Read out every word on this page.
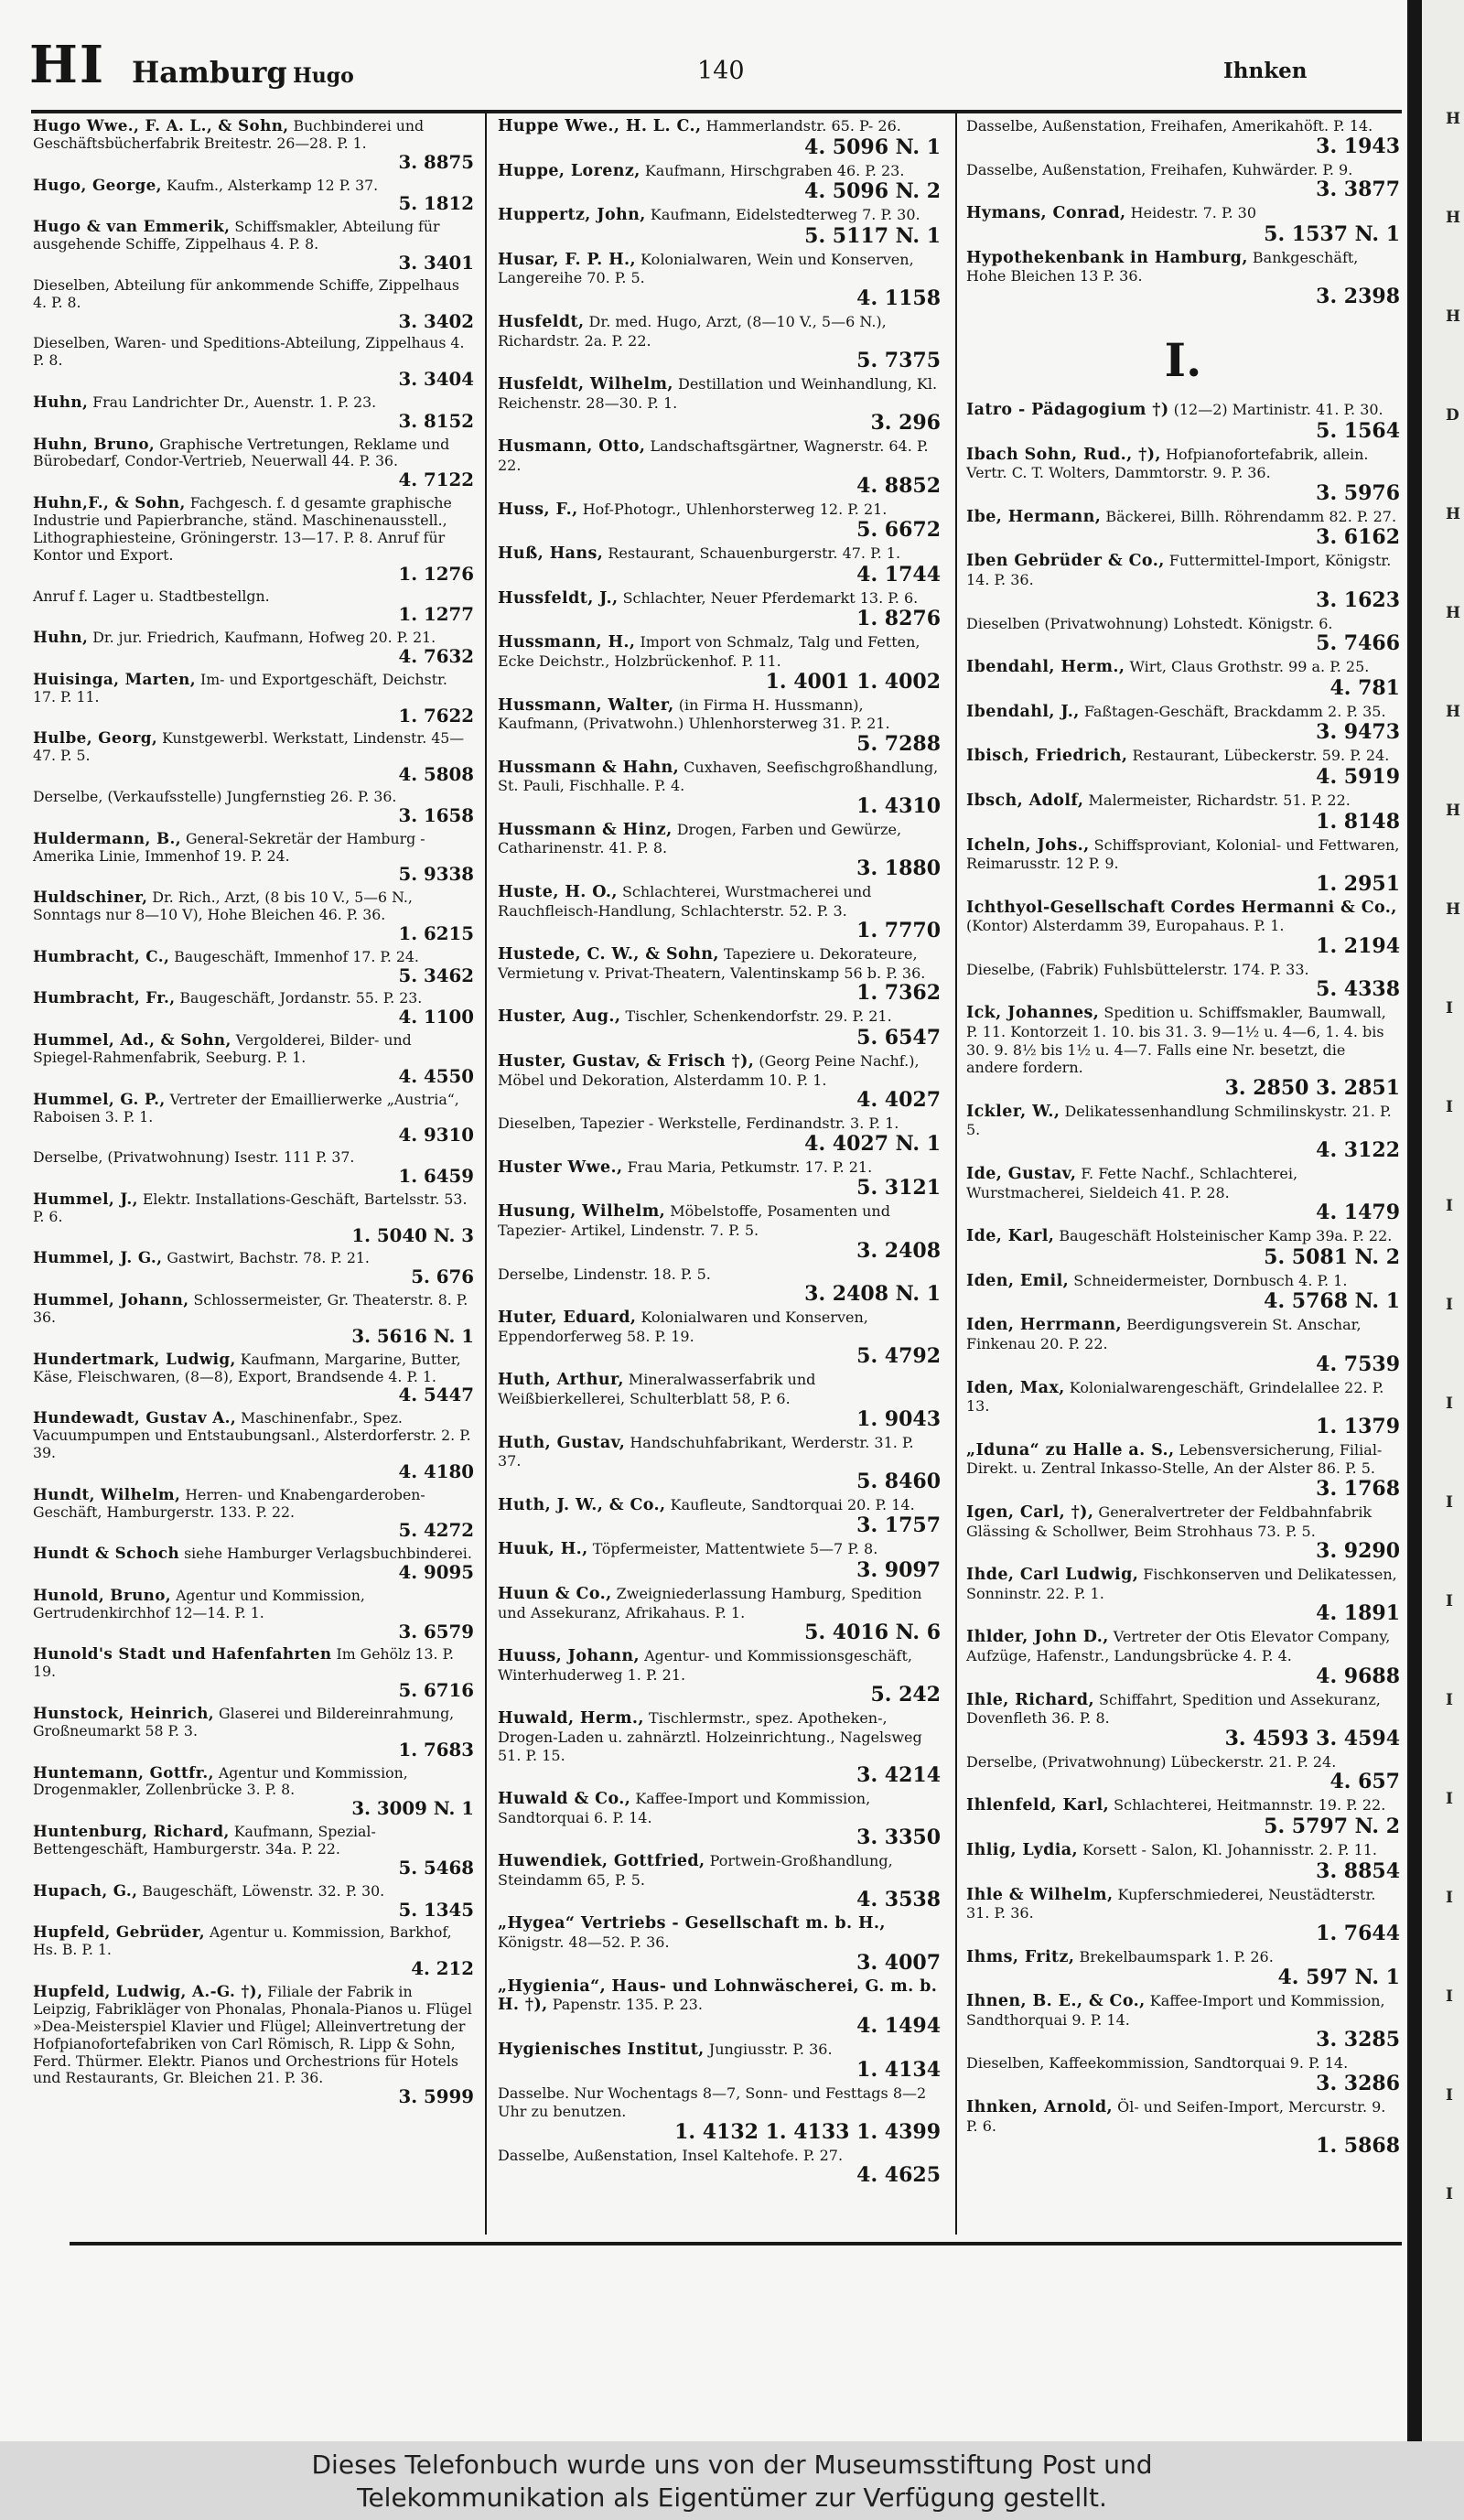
H
H
H
D
H
H
H
H
H
I
I
I
I
I
I
I
I
I
I
I
I
I
HI Hamburg Hugo	140	Ihnken
Hugo Wwe., F. A. L., & Sohn, Buchbinderei und Geschäftsbücherfabrik Breitestr. 26—28. P. 1.
3. 8875
Hugo, George, Kaufm., Alsterkamp 12 P. 37.
5. 1812
Hugo & van Emmerik, Schiffsmakler, Abteilung für ausgehende Schiffe, Zippelhaus 4. P. 8.
3. 3401
Dieselben, Abteilung für ankommende Schiffe, Zippelhaus 4. P. 8.
3. 3402
Dieselben, Waren- und Speditions-Abteilung, Zippelhaus 4. P. 8.
3. 3404
Huhn, Frau Landrichter Dr., Auenstr. 1. P. 23.
3. 8152
Huhn, Bruno, Graphische Vertretungen, Reklame und Bürobedarf, Condor-Vertrieb, Neuerwall 44. P. 36.
4. 7122
Huhn,F., & Sohn, Fachgesch. f. d gesamte graphische Industrie und Papierbranche, ständ. Maschinenausstell., Lithographiesteine, Gröningerstr. 13—17. P. 8. Anruf für Kontor und Export.
1. 1276
Anruf f. Lager u. Stadtbestellgn.
1. 1277
Huhn, Dr. jur. Friedrich, Kaufmann, Hofweg 20. P. 21.
4. 7632
Huisinga, Marten, Im- und Exportgeschäft, Deichstr. 17. P. 11.
1. 7622
Hulbe, Georg, Kunstgewerbl. Werkstatt, Lindenstr. 45—47. P. 5.
4. 5808
Derselbe, (Verkaufsstelle) Jungfernstieg 26. P. 36.
3. 1658
Huldermann, B., General-Sekretär der Hamburg - Amerika Linie, Immenhof 19. P. 24.
5. 9338
Huldschiner, Dr. Rich., Arzt, (8 bis 10 V., 5—6 N., Sonntags nur 8—10 V), Hohe Bleichen 46. P. 36.
1. 6215
Humbracht, C., Baugeschäft, Immenhof 17. P. 24.
5. 3462
Humbracht, Fr., Baugeschäft, Jordanstr. 55. P. 23.
4. 1100
Hummel, Ad., & Sohn, Vergolderei, Bilder- und Spiegel-Rahmenfabrik, Seeburg. P. 1.
4. 4550
Hummel, G. P., Vertreter der Emaillierwerke „Austria“, Raboisen 3. P. 1.
4. 9310
Derselbe, (Privatwohnung) Isestr. 111 P. 37.
1. 6459
Hummel, J., Elektr. Installations-Geschäft, Bartelsstr. 53. P. 6.
1. 5040 N. 3
Hummel, J. G., Gastwirt, Bachstr. 78. P. 21.
5. 676
Hummel, Johann, Schlossermeister, Gr. Theaterstr. 8. P. 36.
3. 5616 N. 1
Hundertmark, Ludwig, Kaufmann, Margarine, Butter, Käse, Fleischwaren, (8—8), Export, Brandsende 4. P. 1.
4. 5447
Hundewadt, Gustav A., Maschinenfabr., Spez. Vacuumpumpen und Entstaubungsanl., Alsterdorferstr. 2. P. 39.
4. 4180
Hundt, Wilhelm, Herren- und Knabengarderoben-Geschäft, Hamburgerstr. 133. P. 22.
5. 4272
Hundt & Schoch siehe Hamburger Verlagsbuchbinderei.
4. 9095
Hunold, Bruno, Agentur und Kommission, Gertrudenkirchhof 12—14. P. 1.
3. 6579
Hunold's Stadt und Hafenfahrten Im Gehölz 13. P. 19.
5. 6716
Hunstock, Heinrich, Glaserei und Bildereinrahmung, Großneumarkt 58 P. 3.
1. 7683
Huntemann, Gottfr., Agentur und Kommission, Drogenmakler, Zollenbrücke 3. P. 8.
3. 3009 N. 1
Huntenburg, Richard, Kaufmann, Spezial-Bettengeschäft, Hamburgerstr. 34a. P. 22.
5. 5468
Hupach, G., Baugeschäft, Löwenstr. 32. P. 30.
5. 1345
Hupfeld, Gebrüder, Agentur u. Kommission, Barkhof, Hs. B. P. 1.
4. 212
Hupfeld, Ludwig, A.-G. †), Filiale der Fabrik in Leipzig, Fabrikläger von Phonalas, Phonala-Pianos u. Flügel »Dea-Meisterspiel Klavier und Flügel; Alleinvertretung der Hofpianofortefabriken von Carl Römisch, R. Lipp & Sohn, Ferd. Thürmer. Elektr. Pianos und Orchestrions für Hotels und Restaurants, Gr. Bleichen 21. P. 36.
3. 5999
Huppe Wwe., H. L. C., Hammerlandstr. 65. P- 26.
4. 5096 N. 1
Huppe, Lorenz, Kaufmann, Hirschgraben 46. P. 23.
4. 5096 N. 2
Huppertz, John, Kaufmann, Eidelstedterweg 7. P. 30.
5. 5117 N. 1
Husar, F. P. H., Kolonialwaren, Wein und Konserven, Langereihe 70. P. 5.
4. 1158
Husfeldt, Dr. med. Hugo, Arzt, (8—10 V., 5—6 N.), Richardstr. 2a. P. 22.
5. 7375
Husfeldt, Wilhelm, Destillation und Weinhandlung, Kl. Reichenstr. 28—30. P. 1.
3. 296
Husmann, Otto, Landschaftsgärtner, Wagnerstr. 64. P. 22.
4. 8852
Huss, F., Hof-Photogr., Uhlenhorsterweg 12. P. 21.
5. 6672
Huß, Hans, Restaurant, Schauenburgerstr. 47. P. 1.
4. 1744
Hussfeldt, J., Schlachter, Neuer Pferdemarkt 13. P. 6.
1. 8276
Hussmann, H., Import von Schmalz, Talg und Fetten, Ecke Deichstr., Holzbrückenhof. P. 11.
1. 4001 1. 4002
Hussmann, Walter, (in Firma H. Hussmann), Kaufmann, (Privatwohn.) Uhlenhorsterweg 31. P. 21.
5. 7288
Hussmann & Hahn, Cuxhaven, Seefischgroßhandlung, St. Pauli, Fischhalle. P. 4.
1. 4310
Hussmann & Hinz, Drogen, Farben und Gewürze, Catharinenstr. 41. P. 8.
3. 1880
Huste, H. O., Schlachterei, Wurstmacherei und Rauchfleisch-Handlung, Schlachterstr. 52. P. 3.
1. 7770
Hustede, C. W., & Sohn, Tapeziere u. Dekorateure, Vermietung v. Privat-Theatern, Valentinskamp 56 b. P. 36.
1. 7362
Huster, Aug., Tischler, Schenkendorfstr. 29. P. 21.
5. 6547
Huster, Gustav, & Frisch †), (Georg Peine Nachf.), Möbel und Dekoration, Alsterdamm 10. P. 1.
4. 4027
Dieselben, Tapezier - Werkstelle, Ferdinandstr. 3. P. 1.
4. 4027 N. 1
Huster Wwe., Frau Maria, Petkumstr. 17. P. 21.
5. 3121
Husung, Wilhelm, Möbelstoffe, Posamenten und Tapezier- Artikel, Lindenstr. 7. P. 5.
3. 2408
Derselbe, Lindenstr. 18. P. 5.
3. 2408 N. 1
Huter, Eduard, Kolonialwaren und Konserven, Eppendorferweg 58. P. 19.
5. 4792
Huth, Arthur, Mineralwasserfabrik und Weißbierkellerei, Schulterblatt 58, P. 6.
1. 9043
Huth, Gustav, Handschuhfabrikant, Werderstr. 31. P. 37.
5. 8460
Huth, J. W., & Co., Kaufleute, Sandtorquai 20. P. 14.
3. 1757
Huuk, H., Töpfermeister, Mattentwiete 5—7 P. 8.
3. 9097
Huun & Co., Zweigniederlassung Hamburg, Spedition und Assekuranz, Afrikahaus. P. 1.
5. 4016 N. 6
Huuss, Johann, Agentur- und Kommissionsgeschäft, Winterhuderweg 1. P. 21.
5. 242
Huwald, Herm., Tischlermstr., spez. Apotheken-, Drogen-Laden u. zahnärztl. Holzeinrichtung., Nagelsweg 51. P. 15.
3. 4214
Huwald & Co., Kaffee-Import und Kommission, Sandtorquai 6. P. 14.
3. 3350
Huwendiek, Gottfried, Portwein-Großhandlung, Steindamm 65, P. 5.
4. 3538
„Hygea“ Vertriebs - Gesellschaft m. b. H., Königstr. 48—52. P. 36.
3. 4007
„Hygienia“, Haus- und Lohnwäscherei, G. m. b. H. †), Papenstr. 135. P. 23.
4. 1494
Hygienisches Institut, Jungiusstr. P. 36.
1. 4134
Dasselbe. Nur Wochentags 8—7, Sonn- und Festtags 8—2 Uhr zu benutzen.
1. 4132 1. 4133 1. 4399
Dasselbe, Außenstation, Insel Kaltehofe. P. 27.
4. 4625
Dasselbe, Außenstation, Freihafen, Amerikahöft. P. 14.
3. 1943
Dasselbe, Außenstation, Freihafen, Kuhwärder. P. 9.
3. 3877
Hymans, Conrad, Heidestr. 7. P. 30
5. 1537 N. 1
Hypothekenbank in Hamburg, Bankgeschäft, Hohe Bleichen 13 P. 36.
3. 2398
I.
Iatro - Pädagogium †) (12—2) Martinistr. 41. P. 30.
5. 1564
Ibach Sohn, Rud., †), Hofpianofortefabrik, allein. Vertr. C. T. Wolters, Dammtorstr. 9. P. 36.
3. 5976
Ibe, Hermann, Bäckerei, Billh. Röhrendamm 82. P. 27.
3. 6162
Iben Gebrüder & Co., Futtermittel-Import, Königstr. 14. P. 36.
3. 1623
Dieselben (Privatwohnung) Lohstedt. Königstr. 6.
5. 7466
Ibendahl, Herm., Wirt, Claus Grothstr. 99 a. P. 25.
4. 781
Ibendahl, J., Faßtagen-Geschäft, Brackdamm 2. P. 35.
3. 9473
Ibisch, Friedrich, Restaurant, Lübeckerstr. 59. P. 24.
4. 5919
Ibsch, Adolf, Malermeister, Richardstr. 51. P. 22.
1. 8148
Icheln, Johs., Schiffsproviant, Kolonial- und Fettwaren, Reimarusstr. 12 P. 9.
1. 2951
Ichthyol-Gesellschaft Cordes Hermanni & Co., (Kontor) Alsterdamm 39, Europahaus. P. 1.
1. 2194
Dieselbe, (Fabrik) Fuhlsbüttelerstr. 174. P. 33.
5. 4338
Ick, Johannes, Spedition u. Schiffsmakler, Baumwall, P. 11. Kontorzeit 1. 10. bis 31. 3. 9—1½ u. 4—6, 1. 4. bis 30. 9. 8½ bis 1½ u. 4—7. Falls eine Nr. besetzt, die andere fordern.
3. 2850 3. 2851
Ickler, W., Delikatessenhandlung Schmilinskystr. 21. P. 5.
4. 3122
Ide, Gustav, F. Fette Nachf., Schlachterei, Wurstmacherei, Sieldeich 41. P. 28.
4. 1479
Ide, Karl, Baugeschäft Holsteinischer Kamp 39a. P. 22.
5. 5081 N. 2
Iden, Emil, Schneidermeister, Dornbusch 4. P. 1.
4. 5768 N. 1
Iden, Herrmann, Beerdigungsverein St. Anschar, Finkenau 20. P. 22.
4. 7539
Iden, Max, Kolonialwarengeschäft, Grindelallee 22. P. 13.
1. 1379
„Iduna“ zu Halle a. S., Lebensversicherung, Filial-Direkt. u. Zentral Inkasso-Stelle, An der Alster 86. P. 5.
3. 1768
Igen, Carl, †), Generalvertreter der Feldbahnfabrik Glässing & Schollwer, Beim Strohhaus 73. P. 5.
3. 9290
Ihde, Carl Ludwig, Fischkonserven und Delikatessen, Sonninstr. 22. P. 1.
4. 1891
Ihlder, John D., Vertreter der Otis Elevator Company, Aufzüge, Hafenstr., Landungsbrücke 4. P. 4.
4. 9688
Ihle, Richard, Schiffahrt, Spedition und Assekuranz, Dovenfleth 36. P. 8.
3. 4593 3. 4594
Derselbe, (Privatwohnung) Lübeckerstr. 21. P. 24.
4. 657
Ihlenfeld, Karl, Schlachterei, Heitmannstr. 19. P. 22.
5. 5797 N. 2
Ihlig, Lydia, Korsett - Salon, Kl. Johannisstr. 2. P. 11.
3. 8854
Ihle & Wilhelm, Kupferschmiederei, Neustädterstr. 31. P. 36.
1. 7644
Ihms, Fritz, Brekelbaumspark 1. P. 26.
4. 597 N. 1
Ihnen, B. E., & Co., Kaffee-Import und Kommission, Sandthorquai 9. P. 14.
3. 3285
Dieselben, Kaffeekommission, Sandtorquai 9. P. 14.
3. 3286
Ihnken, Arnold, Öl- und Seifen-Import, Mercurstr. 9. P. 6.
1. 5868
Dieses Telefonbuch wurde uns von der Museumsstiftung Post und
Telekommunikation als Eigentümer zur Verfügung gestellt.
